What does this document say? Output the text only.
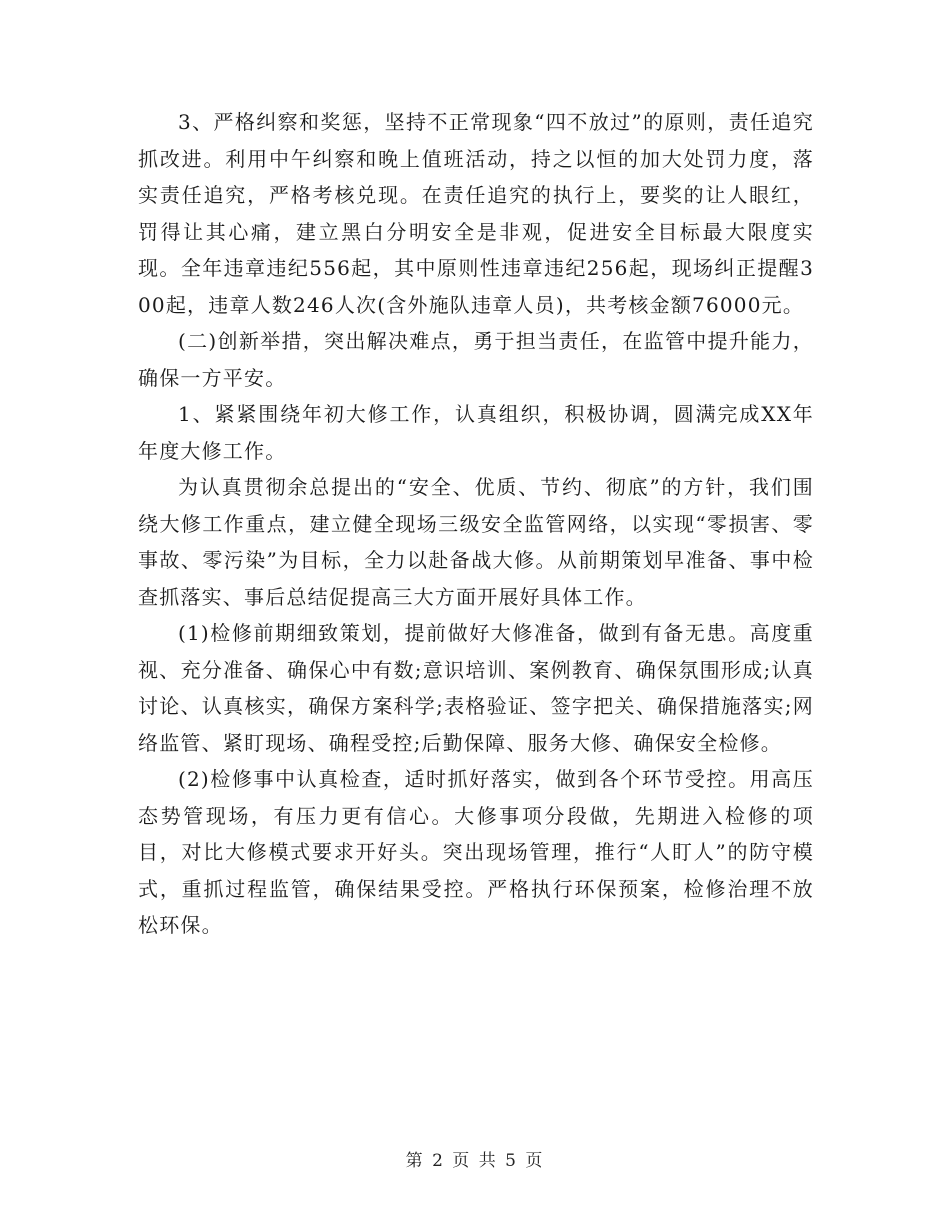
3、严格纠察和奖惩，坚持不正常现象“四不放过”的原则，责任追究抓改进。利用中午纠察和晚上值班活动，持之以恒的加大处罚力度，落实责任追究，严格考核兑现。在责任追究的执行上，要奖的让人眼红，罚得让其心痛，建立黑白分明安全是非观，促进安全目标最大限度实现。全年违章违纪556起，其中原则性违章违纪256起，现场纠正提醒300起，违章人数246人次(含外施队违章人员)，共考核金额76000元。

(二)创新举措，突出解决难点，勇于担当责任，在监管中提升能力，确保一方平安。

1、紧紧围绕年初大修工作，认真组织，积极协调，圆满完成XX年年度大修工作。

为认真贯彻余总提出的“安全、优质、节约、彻底”的方针，我们围绕大修工作重点，建立健全现场三级安全监管网络，以实现“零损害、零事故、零污染”为目标，全力以赴备战大修。从前期策划早准备、事中检查抓落实、事后总结促提高三大方面开展好具体工作。

(1)检修前期细致策划，提前做好大修准备，做到有备无患。高度重视、充分准备、确保心中有数;意识培训、案例教育、确保氛围形成;认真讨论、认真核实，确保方案科学;表格验证、签字把关、确保措施落实;网络监管、紧盯现场、确程受控;后勤保障、服务大修、确保安全检修。

(2)检修事中认真检查，适时抓好落实，做到各个环节受控。用高压态势管现场，有压力更有信心。大修事项分段做，先期进入检修的项目，对比大修模式要求开好头。突出现场管理，推行“人盯人”的防守模式，重抓过程监管，确保结果受控。严格执行环保预案，检修治理不放松环保。

第 2 页 共 5 页
